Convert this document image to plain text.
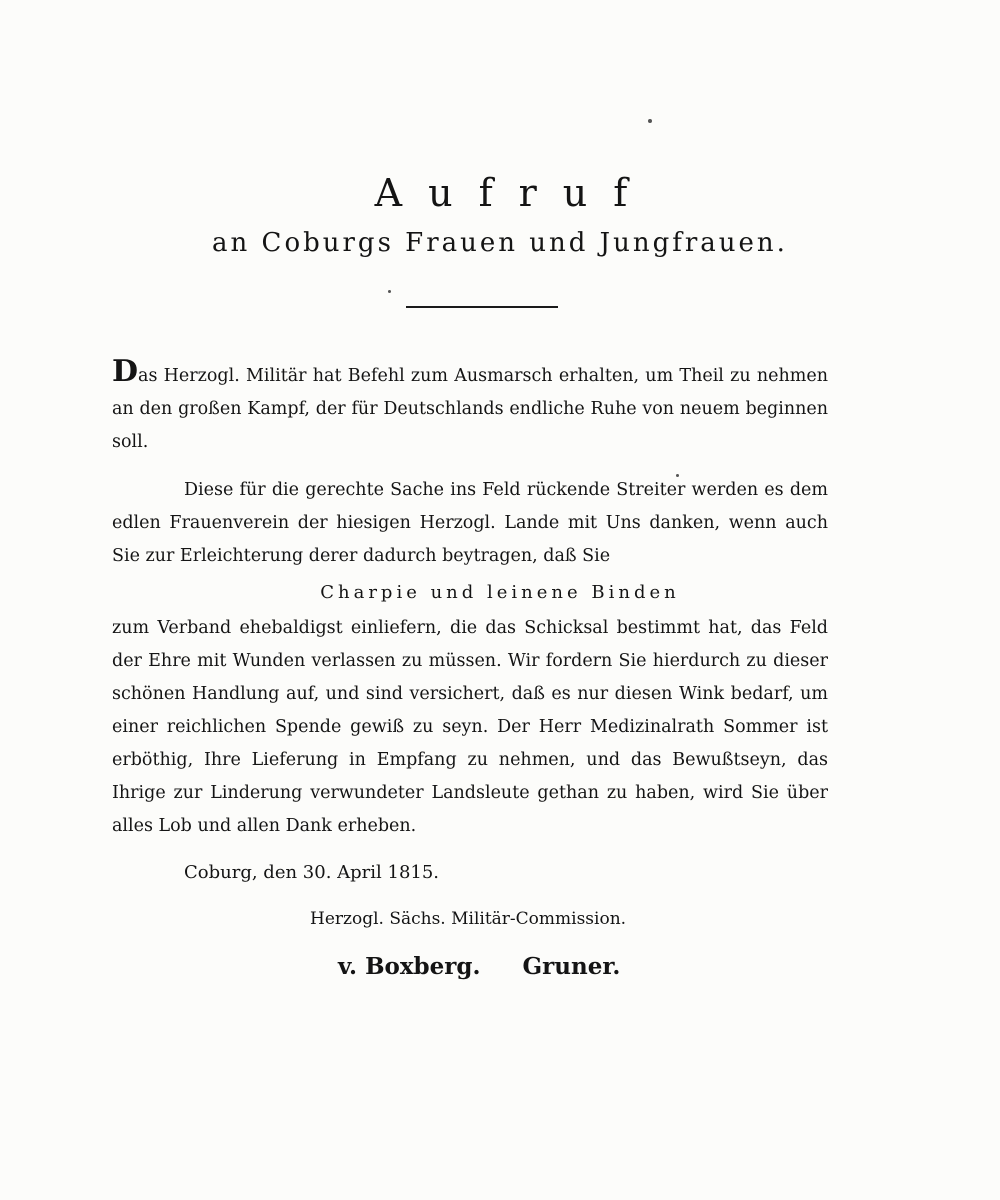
Aufruf
an Coburgs Frauen und Jungfrauen.

Das Herzogl. Militär hat Befehl zum Ausmarsch erhalten, um Theil zu nehmen an den großen Kampf, der für Deutschlands endliche Ruhe von neuem beginnen soll.

Diese für die gerechte Sache ins Feld rückende Streiter werden es dem edlen Frauenverein der hiesigen Herzogl. Lande mit Uns danken, wenn auch Sie zur Erleichterung derer dadurch beytragen, daß Sie

Charpie und leinene Binden

zum Verband ehebaldigst einliefern, die das Schicksal bestimmt hat, das Feld der Ehre mit Wunden verlassen zu müssen. Wir fordern Sie hierdurch zu dieser schönen Handlung auf, und sind versichert, daß es nur diesen Wink bedarf, um einer reichlichen Spende gewiß zu seyn. Der Herr Medizinalrath Sommer ist erböthig, Ihre Lieferung in Empfang zu nehmen, und das Bewußtseyn, das Ihrige zur Linderung verwundeter Landsleute gethan zu haben, wird Sie über alles Lob und allen Dank erheben.

Coburg, den 30. April 1815.
Herzogl. Sächs. Militär-Commission.
v. Boxberg. Gruner.
